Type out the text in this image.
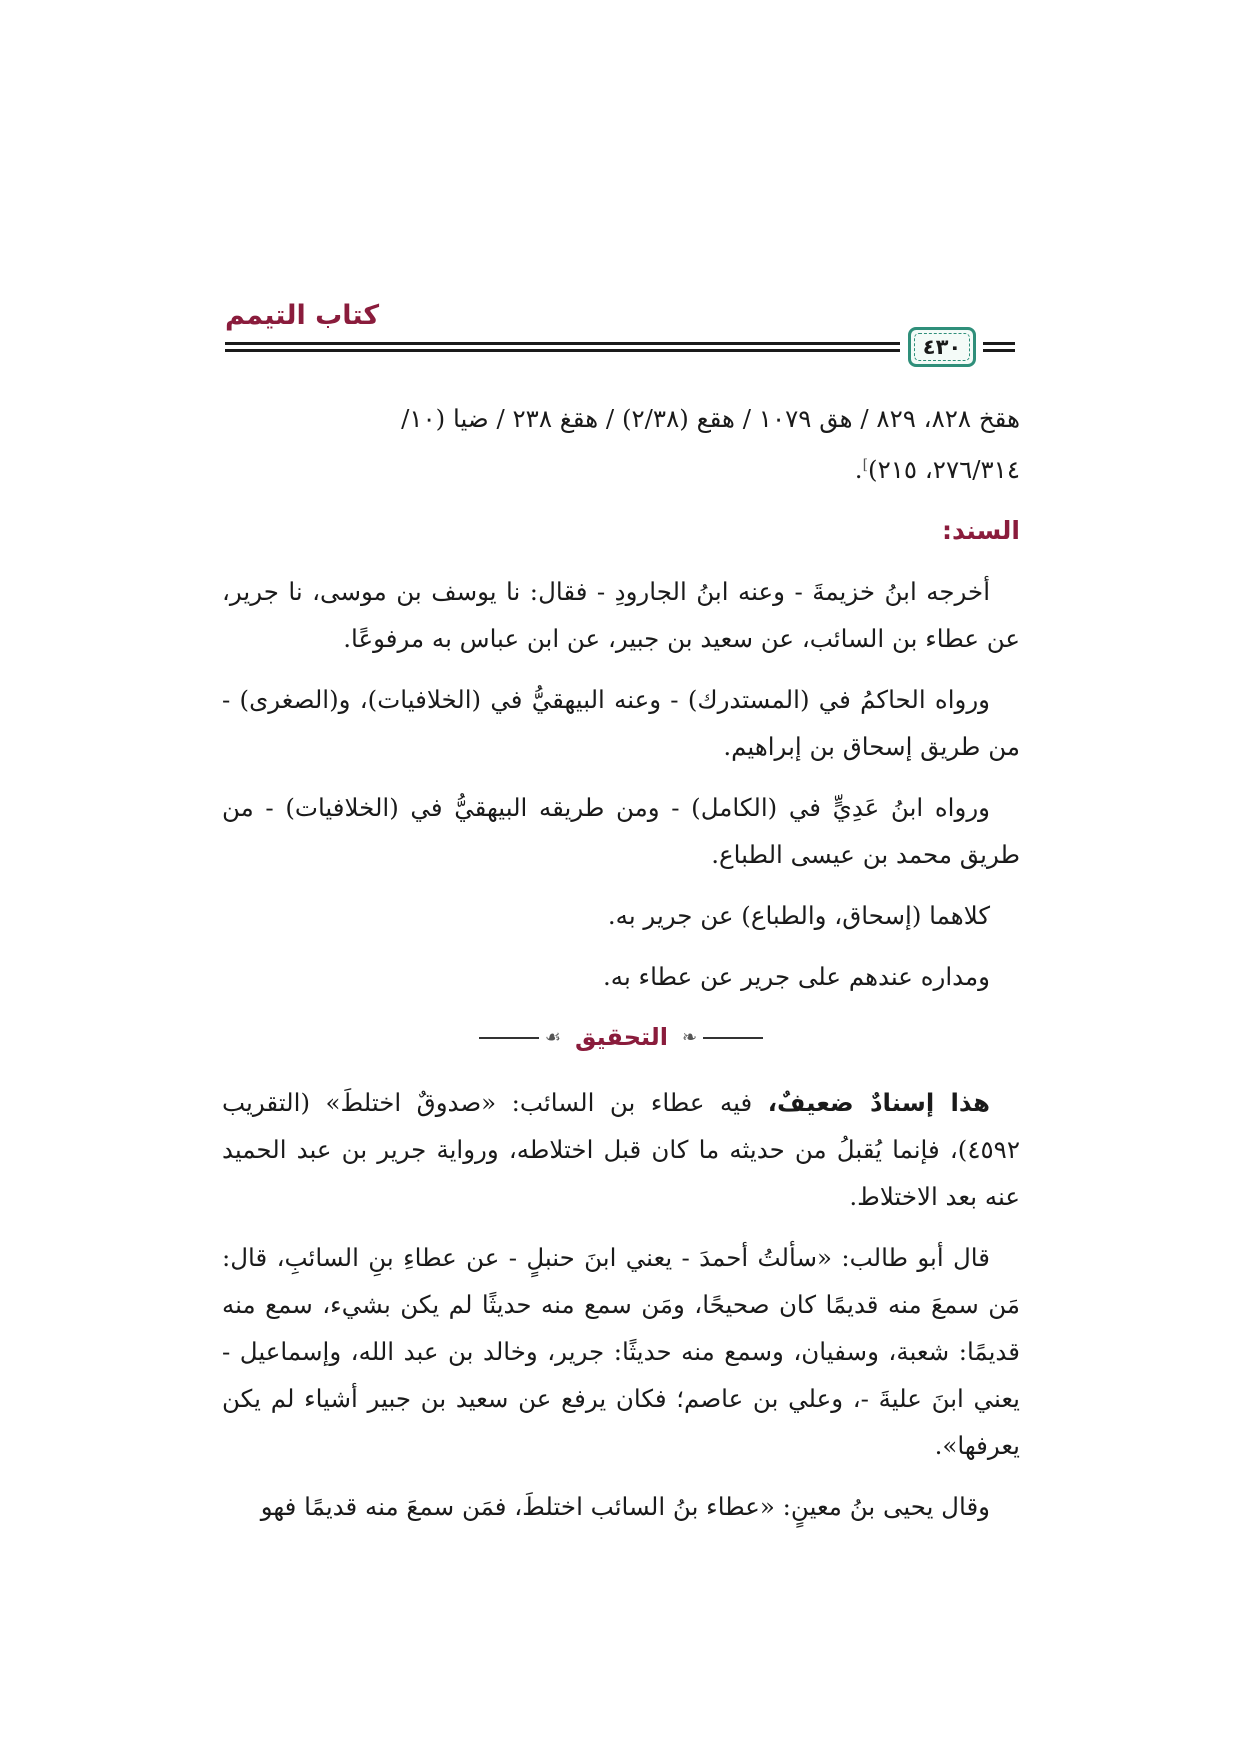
كتاب التيمم
٤٣٠

هقخ ٨٢٨، ٨٢٩ / هق ١٠٧٩ / هقع (٢/٣٨) / هقغ ٢٣٨ / ضيا (١٠/
٢٧٦/٣١٤، ٢١٥)].

السند:

أخرجه ابنُ خزيمةَ - وعنه ابنُ الجارودِ - فقال: نا يوسف بن موسى، نا جرير، عن عطاء بن السائب، عن سعيد بن جبير، عن ابن عباس به مرفوعًا.

ورواه الحاكمُ في (المستدرك) - وعنه البيهقيُّ في (الخلافيات)، و(الصغرى) - من طريق إسحاق بن إبراهيم.

ورواه ابنُ عَدِيٍّ في (الكامل) - ومن طريقه البيهقيُّ في (الخلافيات) - من طريق محمد بن عيسى الطباع.

كلاهما (إسحاق، والطباع) عن جرير به.

ومداره عندهم على جرير عن عطاء به.

❧
التحقيق
☙

هذا إسنادٌ ضعيفٌ، فيه عطاء بن السائب: «صدوقٌ اختلطَ» (التقريب ٤٥٩٢)، فإنما يُقبلُ من حديثه ما كان قبل اختلاطه، ورواية جرير بن عبد الحميد عنه بعد الاختلاط.

قال أبو طالب: «سألتُ أحمدَ - يعني ابنَ حنبلٍ - عن عطاءِ بنِ السائبِ، قال: مَن سمعَ منه قديمًا كان صحيحًا، ومَن سمع منه حديثًا لم يكن بشيء، سمع منه قديمًا: شعبة، وسفيان، وسمع منه حديثًا: جرير، وخالد بن عبد الله، وإسماعيل - يعني ابنَ عليةَ -، وعلي بن عاصم؛ فكان يرفع عن سعيد بن جبير أشياء لم يكن يعرفها».

وقال يحيى بنُ معينٍ: «عطاء بنُ السائب اختلطَ، فمَن سمعَ منه قديمًا فهو
